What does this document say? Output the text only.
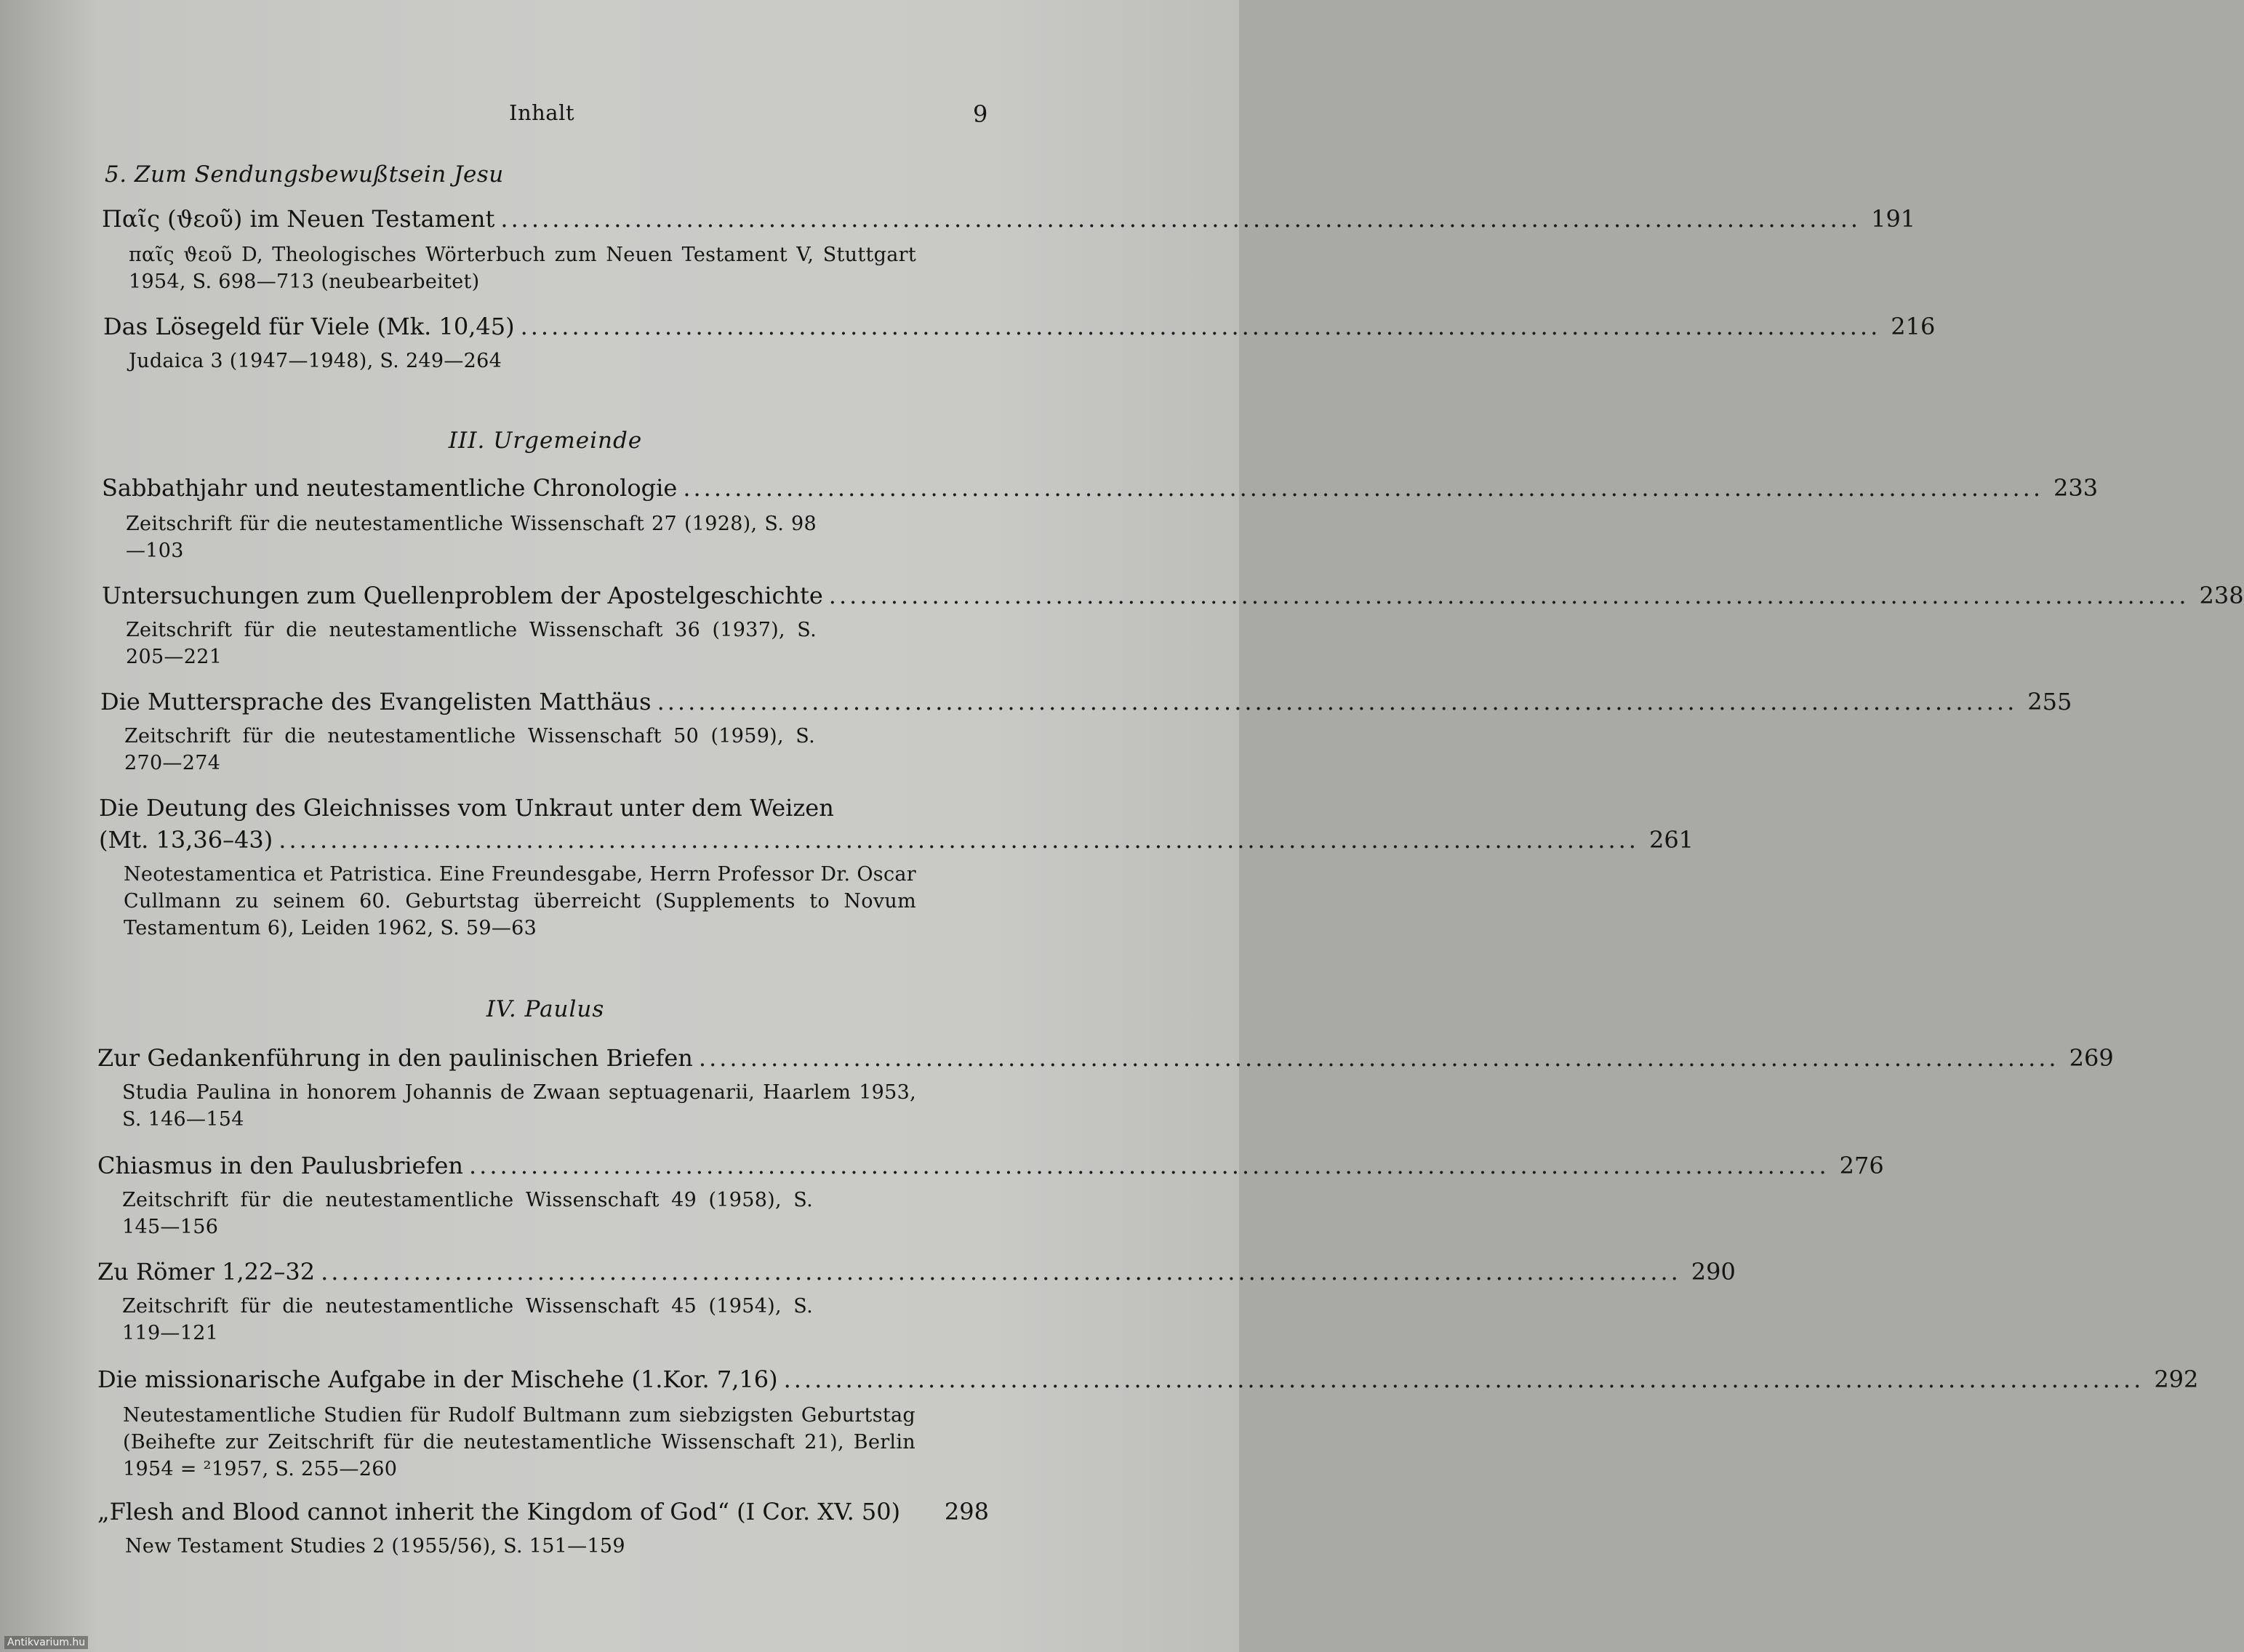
Inhalt	9
5. Zum Sendungsbewußtsein Jesu
Παῖς (ϑεοῦ) im Neuen Testament .................................................................................................................................... 191
παῖς ϑεοῦ D, Theologisches Wörterbuch zum Neuen Testament V, Stuttgart 1954, S. 698—713 (neubearbeitet)
Das Lösegeld für Viele (Mk. 10,45) .................................................................................................................................... 216
Judaica 3 (1947—1948), S. 249—264
III. Urgemeinde
Sabbathjahr und neutestamentliche Chronologie .................................................................................................................................... 233
Zeitschrift für die neutestamentliche Wissenschaft 27 (1928), S. 98—103
Untersuchungen zum Quellenproblem der Apostelgeschichte .................................................................................................................................... 238
Zeitschrift für die neutestamentliche Wissenschaft 36 (1937), S. 205—221
Die Muttersprache des Evangelisten Matthäus .................................................................................................................................... 255
Zeitschrift für die neutestamentliche Wissenschaft 50 (1959), S. 270—274
Die Deutung des Gleichnisses vom Unkraut unter dem Weizen
(Mt. 13,36–43) .................................................................................................................................... 261
Neotestamentica et Patristica. Eine Freundesgabe, Herrn Professor Dr. Oscar Cullmann zu seinem 60. Geburtstag überreicht (Supplements to Novum Testamentum 6), Leiden 1962, S. 59—63
IV. Paulus
Zur Gedankenführung in den paulinischen Briefen .................................................................................................................................... 269
Studia Paulina in honorem Johannis de Zwaan septuagenarii, Haarlem 1953, S. 146—154
Chiasmus in den Paulusbriefen .................................................................................................................................... 276
Zeitschrift für die neutestamentliche Wissenschaft 49 (1958), S. 145—156
Zu Römer 1,22–32 .................................................................................................................................... 290
Zeitschrift für die neutestamentliche Wissenschaft 45 (1954), S. 119—121
Die missionarische Aufgabe in der Mischehe (1.Kor. 7,16) .................................................................................................................................... 292
Neutestamentliche Studien für Rudolf Bultmann zum siebzigsten Geburtstag (Beihefte zur Zeitschrift für die neutestamentliche Wissenschaft 21), Berlin 1954 = ²1957, S. 255—260
„Flesh and Blood cannot inherit the Kingdom of God“ (I Cor. XV. 50) 298
New Testament Studies 2 (1955/56), S. 151—159
Antikvarium.hu
